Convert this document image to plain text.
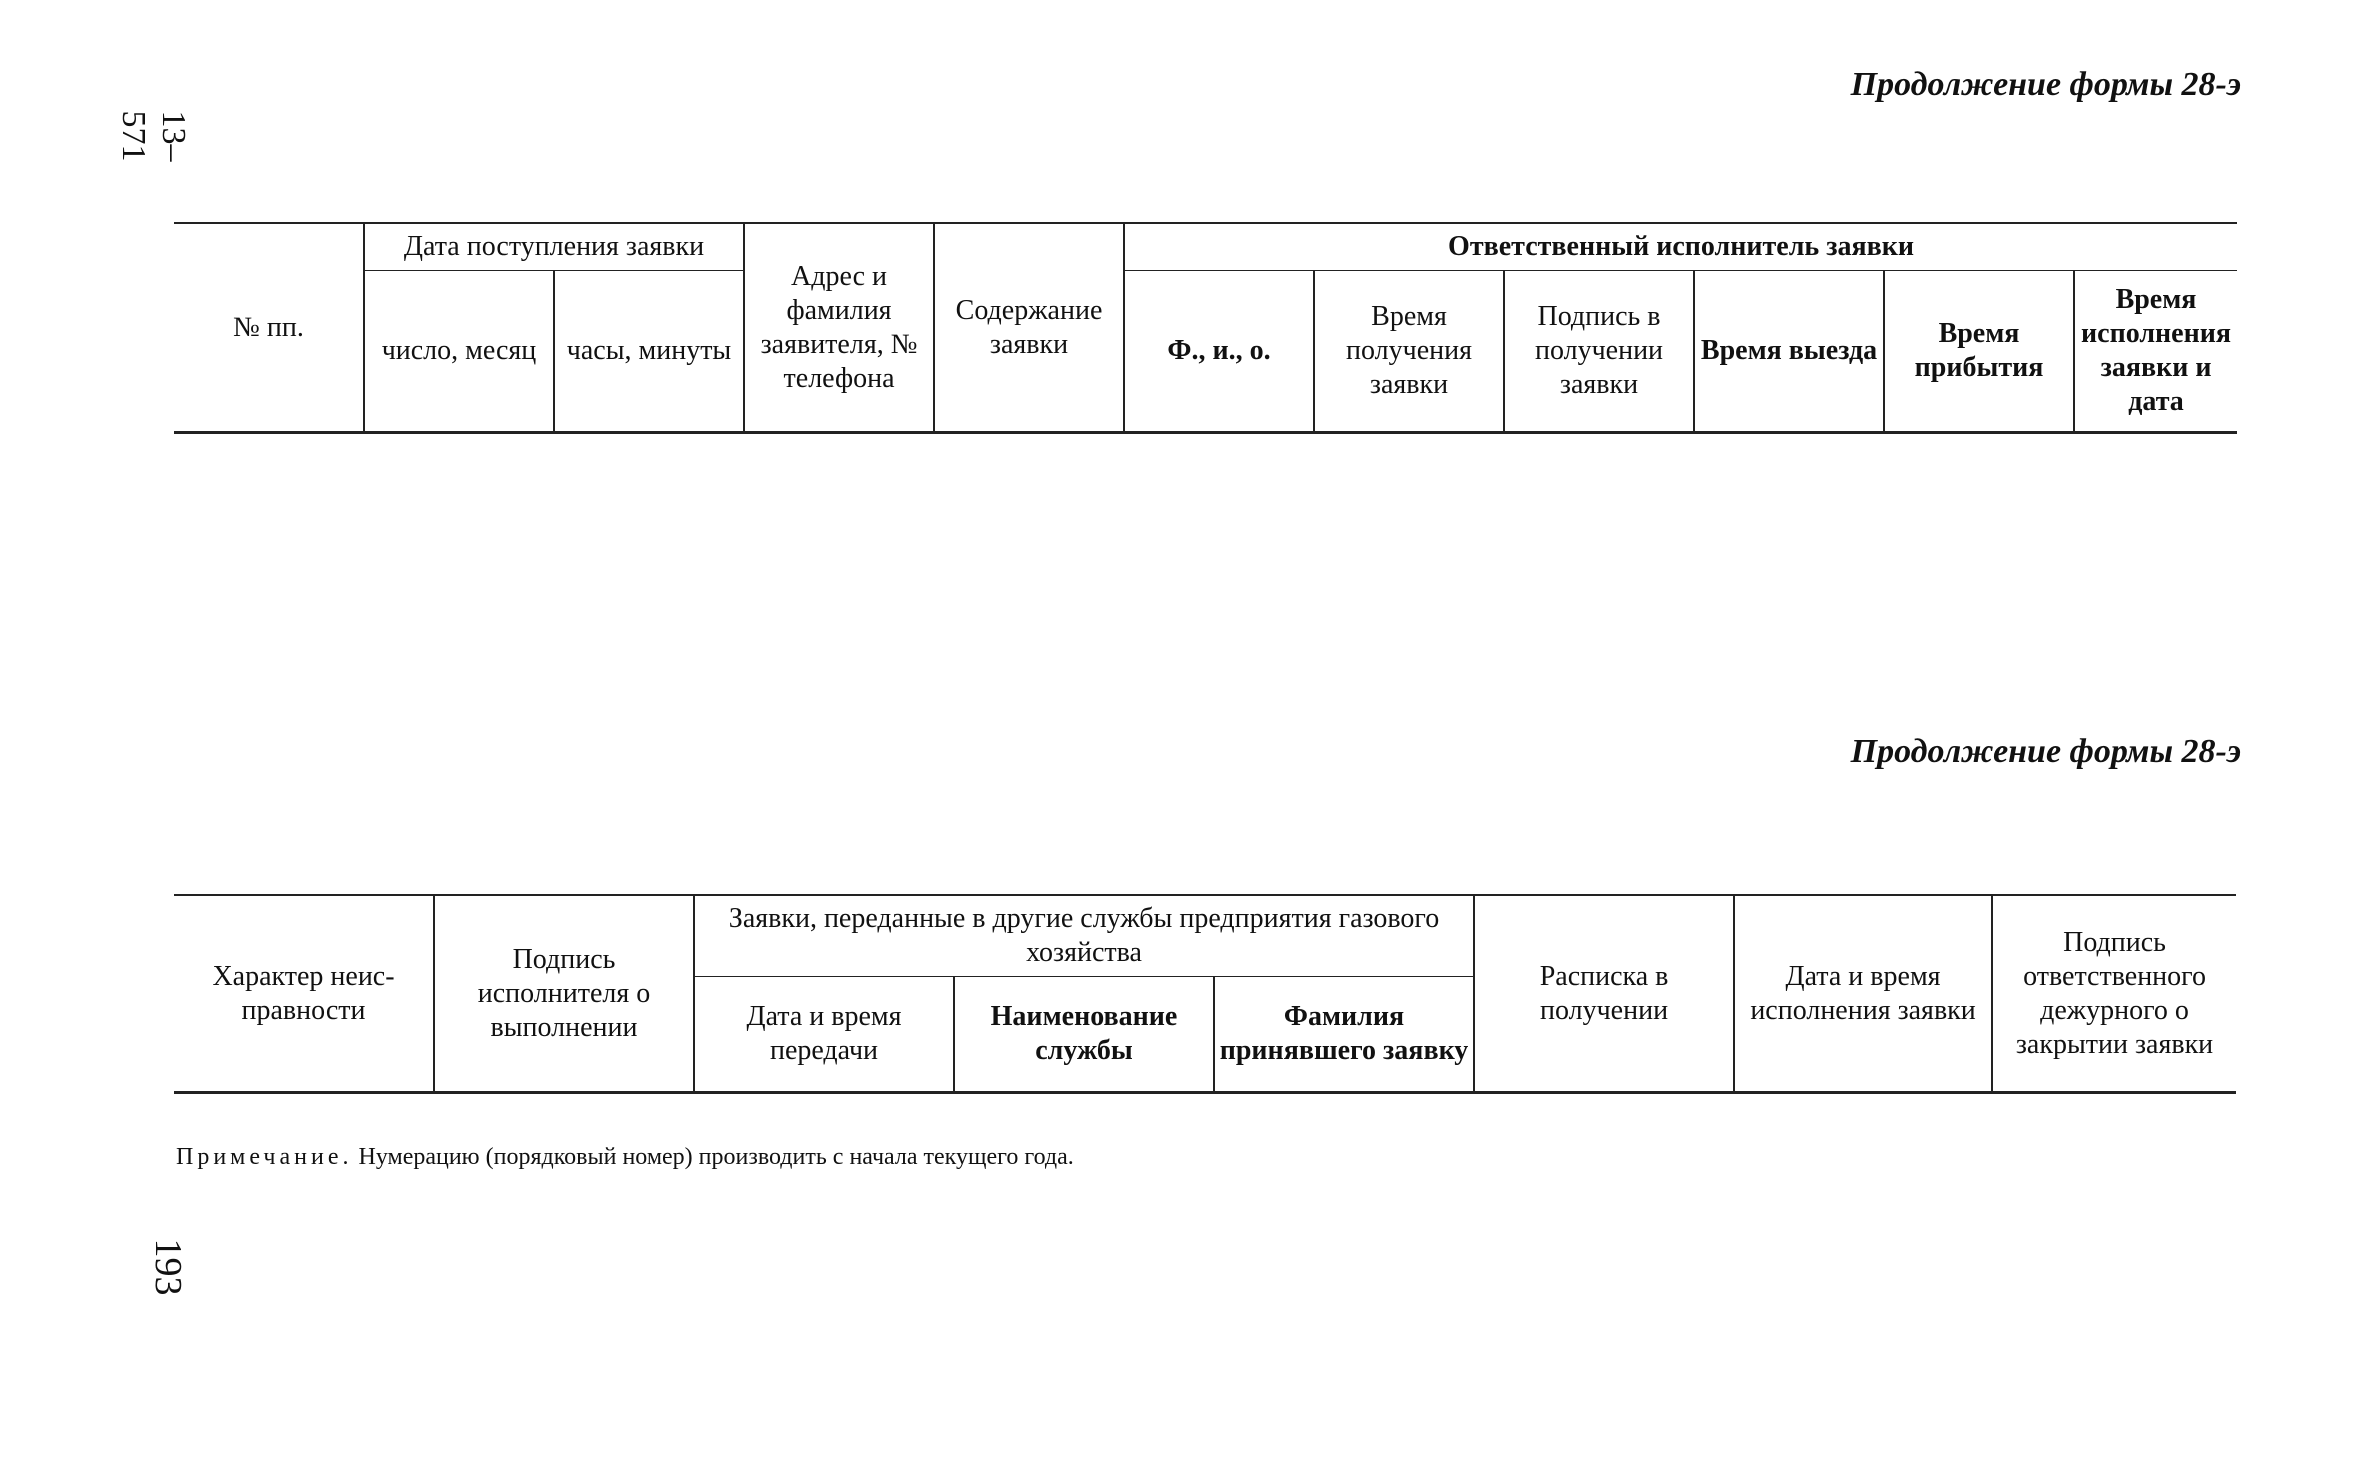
13–571
193
Продолжение формы 28-э
№ пп.	Дата поступления заявки		Адрес и фамилия заявителя, № телефона	Содержание заявки	Ответственный исполнитель заявки					
	число, месяц	часы, минуты			Ф., и., о.	Время получения заявки	Подпись в получении заявки	Время выезда	Время прибытия	Время исполнения заявки и дата
Продолжение формы 28-э
Характер неис-правности	Подпись исполнителя о выполнении	Заявки, переданные в другие службы предприятия газового хозяйства			Расписка в получении	Дата и время исполнения заявки	Подпись ответственного дежурного о закрытии заявки
		Дата и время передачи	Наименование службы	Фамилия принявшего заявку			
Примечание. Нумерацию (порядковый номер) производить с начала текущего года.
